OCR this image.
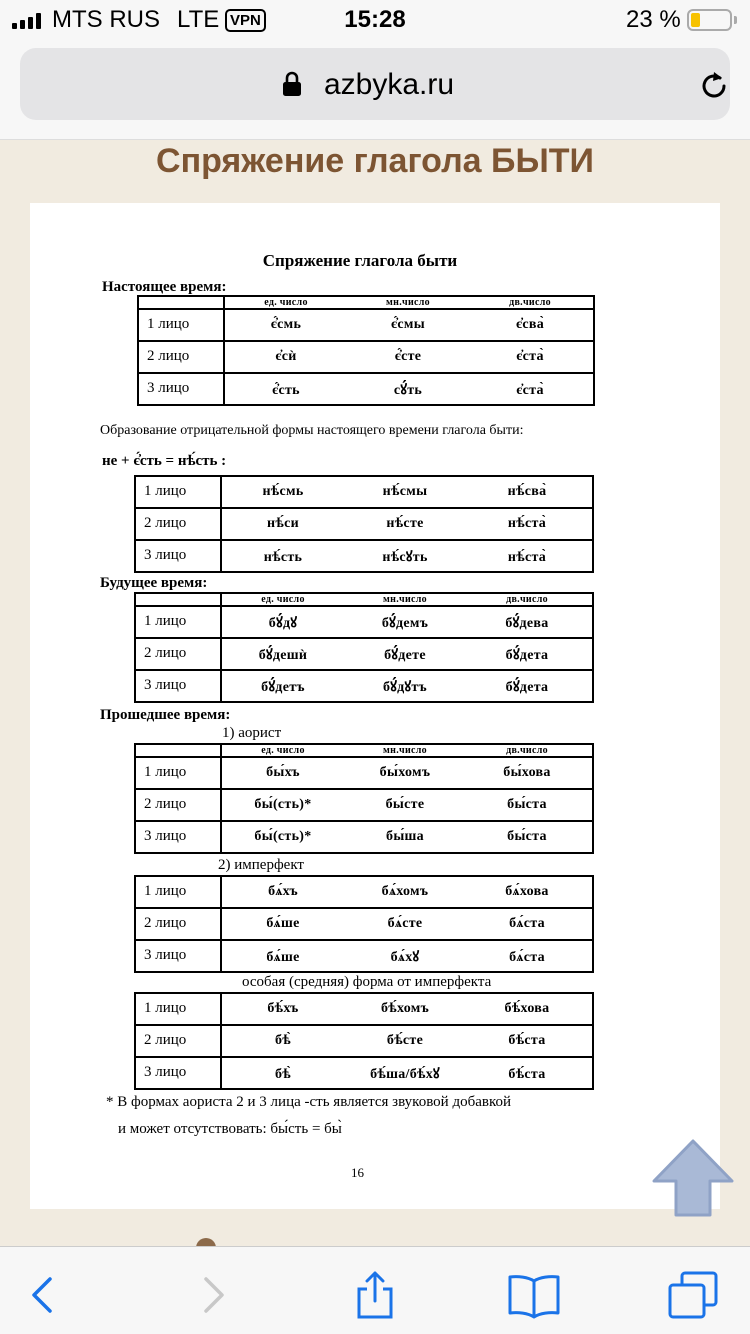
MTS RUS LTE VPN	15:28	23 %
azbyka.ru
Спряжение глагола БЫТИ
Спряжение глагола быти
Настоящее время:
	ед. число мн.число дв.число
1 лицо	є҆́смь є҆́смы є҆сва̀
2 лицо	є҆сѝ є҆́сте є҆ста̀
3 лицо	є҆́сть сꙋ́ть є҆ста̀
Образование отрицательной формы настоящего времени глагола быти:
не + є҆́сть = нѣ́сть :
1 лицо	нѣ́смь нѣ́смы нѣ́сва̀
2 лицо	нѣ́си нѣ́сте нѣ́ста̀
3 лицо	нѣ́сть нѣ́сꙋть нѣ́ста̀
Будущее время:
	ед. число мн.число дв.число
1 лицо	бꙋ́дꙋ бꙋ́демъ бꙋ́дева
2 лицо	бꙋ́дешѝ бꙋ́дете бꙋ́дета
3 лицо	бꙋ́детъ бꙋ́дꙋтъ бꙋ́дета
Прошедшее время:
1) аорист
	ед. число мн.число дв.число
1 лицо	бы́хъ бы́хомъ бы́хова
2 лицо	бы́(сть)* бы́сте бы́ста
3 лицо	бы́(сть)* бы́ша бы́ста
2) имперфект
1 лицо	бѧ́хъ бѧ́хомъ бѧ́хова
2 лицо	бѧ́ше бѧ́сте бѧ́ста
3 лицо	бѧ́ше бѧ́хꙋ бѧ́ста
особая (средняя) форма от имперфекта
1 лицо	бѣ́хъ бѣ́хомъ бѣ́хова
2 лицо	бѣ̀ бѣ́сте бѣ́ста
3 лицо	бѣ̀ бѣ́ша/бѣ́хꙋ бѣ́ста
* В формах аориста 2 и 3 лица -сть является звуковой добавкой
и может отсутствовать: бы́сть = бы̀
16
